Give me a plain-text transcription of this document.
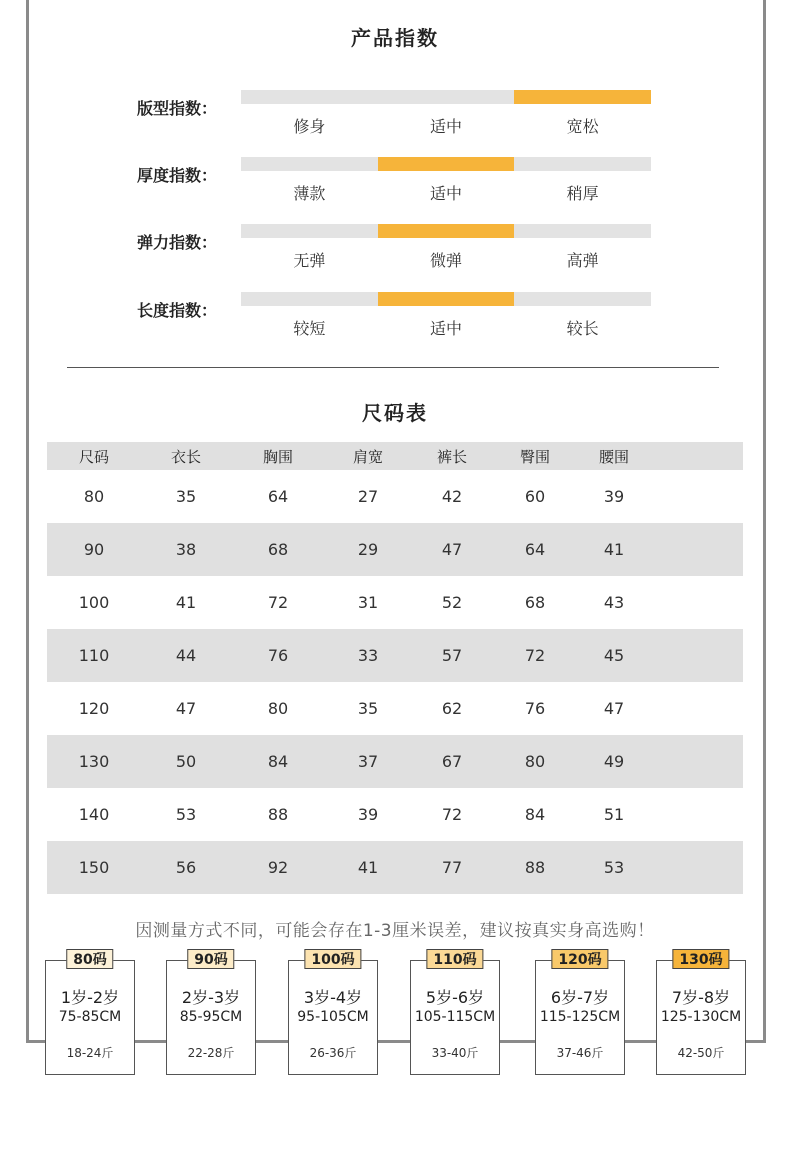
产品指数
版型指数：
修身	适中	宽松
厚度指数：
薄款	适中	稍厚
弹力指数：
无弹	微弹	高弹
长度指数：
较短	适中	较长
尺码表
尺码	衣长	胸围	肩宽	裤长	臀围	腰围
80	35	64	27	42	60	39
90	38	68	29	47	64	41
100	41	72	31	52	68	43
110	44	76	33	57	72	45
120	47	80	35	62	76	47
130	50	84	37	67	80	49
140	53	88	39	72	84	51
150	56	92	41	77	88	53
因测量方式不同，可能会存在1-3厘米误差，建议按真实身高选购！
80码
1岁-2岁
75-85CM
18-24斤
90码
2岁-3岁
85-95CM
22-28斤
100码
3岁-4岁
95-105CM
26-36斤
110码
5岁-6岁
105-115CM
33-40斤
120码
6岁-7岁
115-125CM
37-46斤
130码
7岁-8岁
125-130CM
42-50斤
